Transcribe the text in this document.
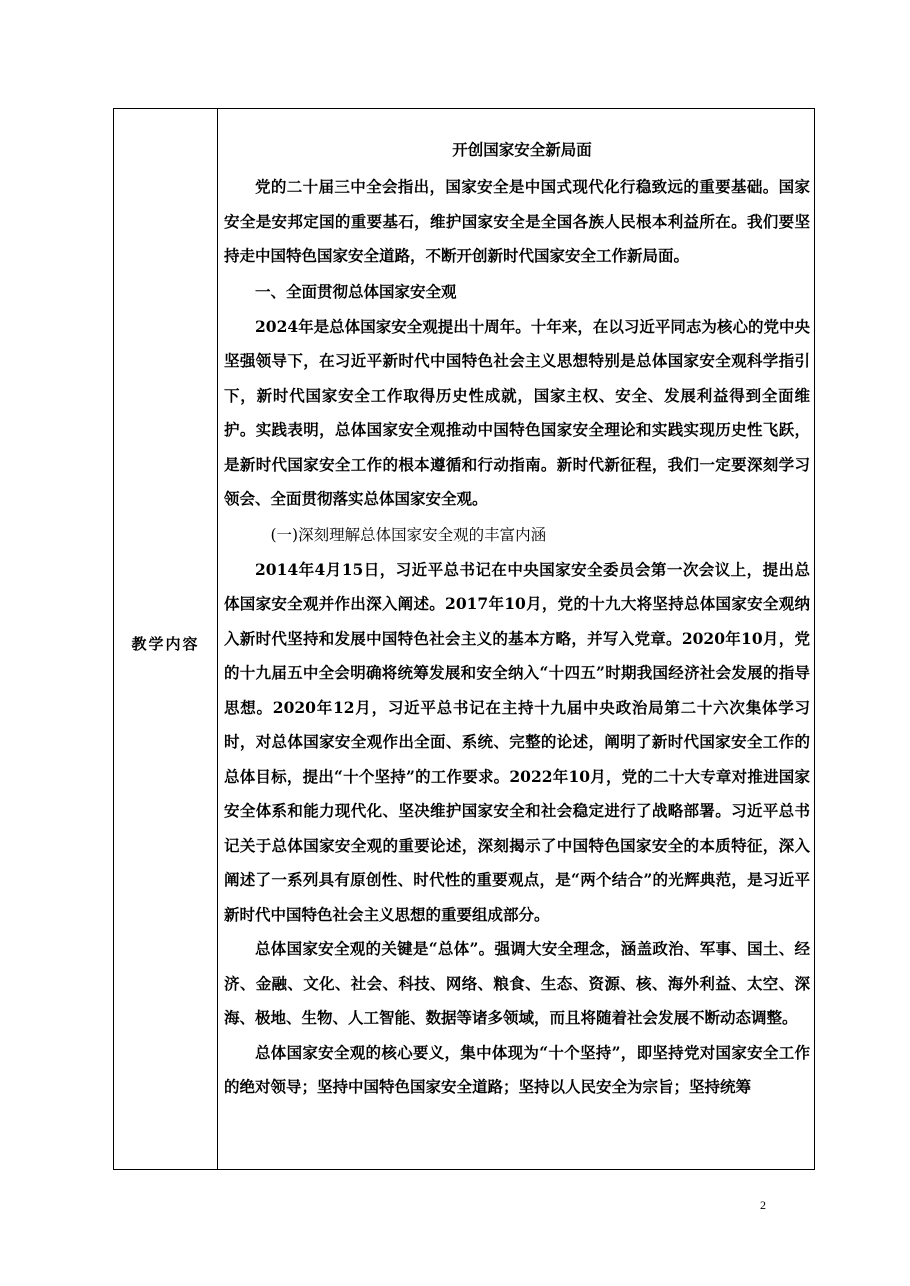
教学内容
开创国家安全新局面

党的二十届三中全会指出，国家安全是中国式现代化行稳致远的重要基础。国家安全是安邦定国的重要基石，维护国家安全是全国各族人民根本利益所在。我们要坚持走中国特色国家安全道路，不断开创新时代国家安全工作新局面。

一、全面贯彻总体国家安全观

2024年是总体国家安全观提出十周年。十年来，在以习近平同志为核心的党中央坚强领导下，在习近平新时代中国特色社会主义思想特别是总体国家安全观科学指引下，新时代国家安全工作取得历史性成就，国家主权、安全、发展利益得到全面维护。实践表明，总体国家安全观推动中国特色国家安全理论和实践实现历史性飞跃，是新时代国家安全工作的根本遵循和行动指南。新时代新征程，我们一定要深刻学习领会、全面贯彻落实总体国家安全观。

(一)深刻理解总体国家安全观的丰富内涵

2014年4月15日，习近平总书记在中央国家安全委员会第一次会议上，提出总体国家安全观并作出深入阐述。2017年10月，党的十九大将坚持总体国家安全观纳入新时代坚持和发展中国特色社会主义的基本方略，并写入党章。2020年10月，党的十九届五中全会明确将统筹发展和安全纳入“十四五”时期我国经济社会发展的指导思想。2020年12月，习近平总书记在主持十九届中央政治局第二十六次集体学习时，对总体国家安全观作出全面、系统、完整的论述，阐明了新时代国家安全工作的总体目标，提出“十个坚持”的工作要求。2022年10月，党的二十大专章对推进国家安全体系和能力现代化、坚决维护国家安全和社会稳定进行了战略部署。习近平总书记关于总体国家安全观的重要论述，深刻揭示了中国特色国家安全的本质特征，深入阐述了一系列具有原创性、时代性的重要观点，是“两个结合”的光辉典范，是习近平新时代中国特色社会主义思想的重要组成部分。

总体国家安全观的关键是“总体”。强调大安全理念，涵盖政治、军事、国土、经济、金融、文化、社会、科技、网络、粮食、生态、资源、核、海外利益、太空、深海、极地、生物、人工智能、数据等诸多领域，而且将随着社会发展不断动态调整。

总体国家安全观的核心要义，集中体现为“十个坚持”，即坚持党对国家安全工作的绝对领导；坚持中国特色国家安全道路；坚持以人民安全为宗旨；坚持统筹

2
